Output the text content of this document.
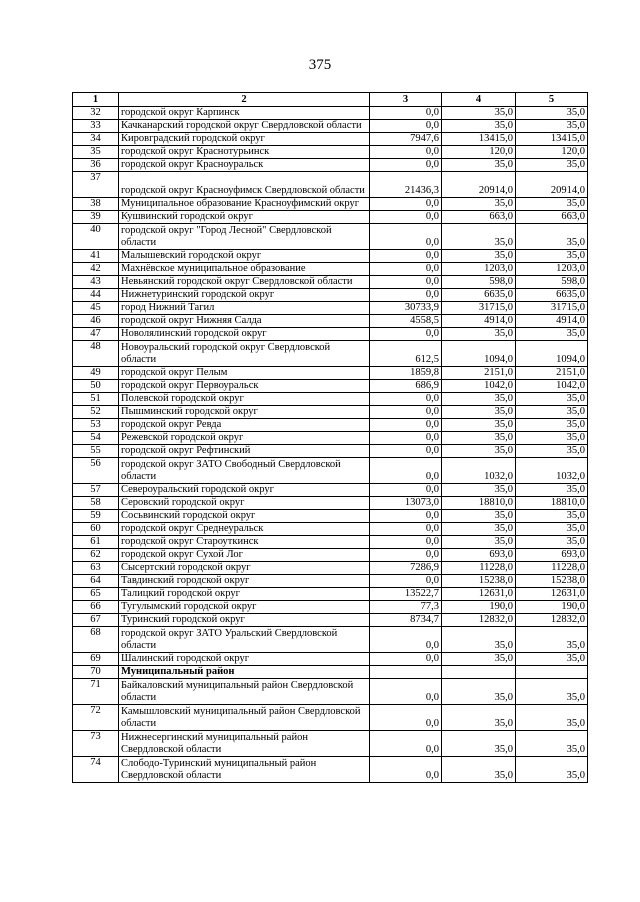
375
1	2	3	4	5
32	городской округ Карпинск	0,0	35,0	35,0
33	Качканарский городской округ Свердловской области	0,0	35,0	35,0
34	Кировградский городской округ	7947,6	13415,0	13415,0
35	городской округ Краснотурьинск	0,0	120,0	120,0
36	городской округ Красноуральск	0,0	35,0	35,0
37	городской округ Красноуфимск Свердловской области	21436,3	20914,0	20914,0
38	Муниципальное образование Красноуфимский округ	0,0	35,0	35,0
39	Кушвинский городской округ	0,0	663,0	663,0
40	городской округ "Город Лесной" Свердловской области	0,0	35,0	35,0
41	Малышевский городской округ	0,0	35,0	35,0
42	Махнёвское муниципальное образование	0,0	1203,0	1203,0
43	Невьянский городской округ Свердловской области	0,0	598,0	598,0
44	Нижнетуринский городской округ	0,0	6635,0	6635,0
45	город Нижний Тагил	30733,9	31715,0	31715,0
46	городской округ Нижняя Салда	4558,5	4914,0	4914,0
47	Новолялинский городской округ	0,0	35,0	35,0
48	Новоуральский городской округ Свердловской области	612,5	1094,0	1094,0
49	городской округ Пелым	1859,8	2151,0	2151,0
50	городской округ Первоуральск	686,9	1042,0	1042,0
51	Полевской городской округ	0,0	35,0	35,0
52	Пышминский городской округ	0,0	35,0	35,0
53	городской округ Ревда	0,0	35,0	35,0
54	Режевской городской округ	0,0	35,0	35,0
55	городской округ Рефтинский	0,0	35,0	35,0
56	городской округ ЗАТО Свободный Свердловской области	0,0	1032,0	1032,0
57	Североуральский городской округ	0,0	35,0	35,0
58	Серовский городской округ	13073,0	18810,0	18810,0
59	Сосьвинский городской округ	0,0	35,0	35,0
60	городской округ Среднеуральск	0,0	35,0	35,0
61	городской округ Староуткинск	0,0	35,0	35,0
62	городской округ Сухой Лог	0,0	693,0	693,0
63	Сысертский городской округ	7286,9	11228,0	11228,0
64	Тавдинский городской округ	0,0	15238,0	15238,0
65	Талицкий городской округ	13522,7	12631,0	12631,0
66	Тугулымский городской округ	77,3	190,0	190,0
67	Туринский городской округ	8734,7	12832,0	12832,0
68	городской округ ЗАТО Уральский Свердловской области	0,0	35,0	35,0
69	Шалинский городской округ	0,0	35,0	35,0
70	Муниципальный район			
71	Байкаловский муниципальный район Свердловской области	0,0	35,0	35,0
72	Камышловский муниципальный район Свердловской области	0,0	35,0	35,0
73	Нижнесергинский муниципальный район Свердловской области	0,0	35,0	35,0
74	Слободо-Туринский муниципальный район Свердловской области	0,0	35,0	35,0
